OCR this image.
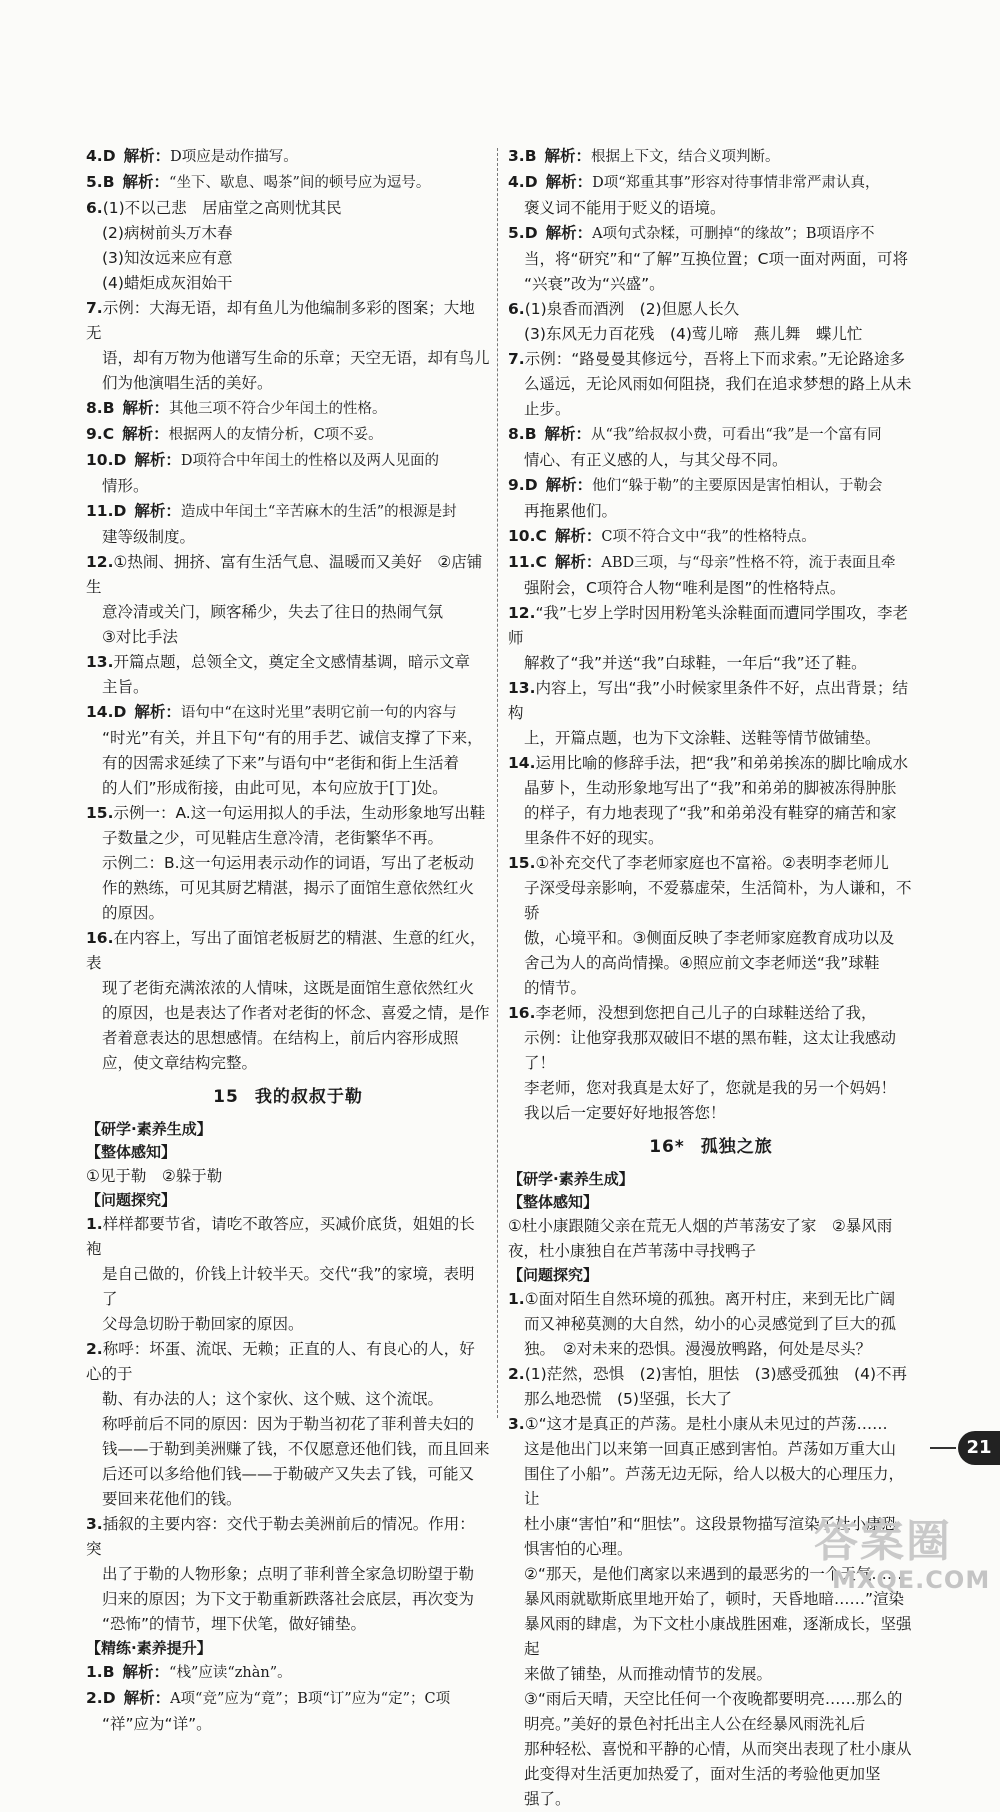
4.D 解析：D项应是动作描写。

5.B 解析：“坐下、歇息、喝茶”间的顿号应为逗号。

6.(1)不以己悲　居庙堂之高则忧其民

(2)病树前头万木春

(3)知汝远来应有意

(4)蜡炬成灰泪始干

7.示例：大海无语，却有鱼儿为他编制多彩的图案；大地无

语，却有万物为他谱写生命的乐章；天空无语，却有鸟儿

们为他演唱生活的美好。

8.B 解析：其他三项不符合少年闰土的性格。

9.C 解析：根据两人的友情分析，C项不妥。

10.D 解析：D项符合中年闰土的性格以及两人见面的

情形。

11.D 解析：造成中年闰土“辛苦麻木的生活”的根源是封

建等级制度。

12.①热闹、拥挤、富有生活气息、温暖而又美好　②店铺生

意冷清或关门，顾客稀少，失去了往日的热闹气氛

③对比手法

13.开篇点题，总领全文，奠定全文感情基调，暗示文章

主旨。

14.D 解析：语句中“在这时光里”表明它前一句的内容与

“时光”有关，并且下句“有的用手艺、诚信支撑了下来，

有的因需求延续了下来”与语句中“老街和街上生活着

的人们”形成衔接，由此可见，本句应放于[丁]处。

15.示例一：A.这一句运用拟人的手法，生动形象地写出鞋

子数量之少，可见鞋店生意冷清，老街繁华不再。

示例二：B.这一句运用表示动作的词语，写出了老板动

作的熟练，可见其厨艺精湛，揭示了面馆生意依然红火

的原因。

16.在内容上，写出了面馆老板厨艺的精湛、生意的红火，表

现了老街充满浓浓的人情味，这既是面馆生意依然红火

的原因，也是表达了作者对老街的怀念、喜爱之情，是作

者着意表达的思想感情。在结构上，前后内容形成照

应，使文章结构完整。

15 我的叔叔于勒

【研学·素养生成】

【整体感知】

①见于勒　②躲于勒

【问题探究】

1.样样都要节省，请吃不敢答应，买减价底货，姐姐的长袍

是自己做的，价钱上计较半天。交代“我”的家境，表明了

父母急切盼于勒回家的原因。

2.称呼：坏蛋、流氓、无赖；正直的人、有良心的人，好心的于

勒、有办法的人；这个家伙、这个贼、这个流氓。

称呼前后不同的原因：因为于勒当初花了菲利普夫妇的

钱——于勒到美洲赚了钱，不仅愿意还他们钱，而且回来

后还可以多给他们钱——于勒破产又失去了钱，可能又

要回来花他们的钱。

3.插叙的主要内容：交代于勒去美洲前后的情况。作用：突

出了于勒的人物形象；点明了菲利普全家急切盼望于勒

归来的原因；为下文于勒重新跌落社会底层，再次变为

“恐怖”的情节，埋下伏笔，做好铺垫。

【精练·素养提升】

1.B 解析：“栈”应读“zhàn”。

2.D 解析：A项“竞”应为“竟”；B项“订”应为“定”；C项

“祥”应为“详”。

3.B 解析：根据上下文，结合义项判断。

4.D 解析：D项“郑重其事”形容对待事情非常严肃认真，

褒义词不能用于贬义的语境。

5.D 解析：A项句式杂糅，可删掉“的缘故”；B项语序不

当，将“研究”和“了解”互换位置；C项一面对两面，可将

“兴衰”改为“兴盛”。

6.(1)泉香而酒洌　(2)但愿人长久

(3)东风无力百花残　(4)莺儿啼　燕儿舞　蝶儿忙

7.示例：“路曼曼其修远兮，吾将上下而求索。”无论路途多

么遥远，无论风雨如何阻挠，我们在追求梦想的路上从未

止步。

8.B 解析：从“我”给叔叔小费，可看出“我”是一个富有同

情心、有正义感的人，与其父母不同。

9.D 解析：他们“躲于勒”的主要原因是害怕相认，于勒会

再拖累他们。

10.C 解析：C项不符合文中“我”的性格特点。

11.C 解析：ABD三项，与“母亲”性格不符，流于表面且牵

强附会，C项符合人物“唯利是图”的性格特点。

12.“我”七岁上学时因用粉笔头涂鞋面而遭同学围攻，李老师

解救了“我”并送“我”白球鞋，一年后“我”还了鞋。

13.内容上，写出“我”小时候家里条件不好，点出背景；结构

上，开篇点题，也为下文涂鞋、送鞋等情节做铺垫。

14.运用比喻的修辞手法，把“我”和弟弟挨冻的脚比喻成水

晶萝卜，生动形象地写出了“我”和弟弟的脚被冻得肿胀

的样子，有力地表现了“我”和弟弟没有鞋穿的痛苦和家

里条件不好的现实。

15.①补充交代了李老师家庭也不富裕。②表明李老师儿

子深受母亲影响，不爱慕虚荣，生活简朴，为人谦和，不骄

傲，心境平和。③侧面反映了李老师家庭教育成功以及

舍己为人的高尚情操。④照应前文李老师送“我”球鞋

的情节。

16.李老师，没想到您把自己儿子的白球鞋送给了我，

示例：让他穿我那双破旧不堪的黑布鞋，这太让我感动了！

李老师，您对我真是太好了，您就是我的另一个妈妈！

我以后一定要好好地报答您！

16* 孤独之旅

【研学·素养生成】

【整体感知】

①杜小康跟随父亲在荒无人烟的芦苇荡安了家　②暴风雨

夜，杜小康独自在芦苇荡中寻找鸭子

【问题探究】

1.①面对陌生自然环境的孤独。离开村庄，来到无比广阔

而又神秘莫测的大自然，幼小的心灵感觉到了巨大的孤

独。　②对未来的恐惧。漫漫放鸭路，何处是尽头？

2.(1)茫然，恐惧　(2)害怕，胆怯　(3)感受孤独　(4)不再

那么地恐慌　(5)坚强，长大了

3.①“这才是真正的芦荡。是杜小康从未见过的芦荡……

这是他出门以来第一回真正感到害怕。芦荡如万重大山

围住了小船”。芦荡无边无际，给人以极大的心理压力，让

杜小康“害怕”和“胆怯”。这段景物描写渲染了杜小康恐

惧害怕的心理。

②“那天，是他们离家以来遇到的最恶劣的一个天气……

暴风雨就歇斯底里地开始了，顿时，天昏地暗……”渲染

暴风雨的肆虐，为下文杜小康战胜困难，逐渐成长，坚强起

来做了铺垫，从而推动情节的发展。

③“雨后天晴，天空比任何一个夜晚都要明亮……那么的

明亮。”美好的景色衬托出主人公在经暴风雨洗礼后

那种轻松、喜悦和平静的心情，从而突出表现了杜小康从

此变得对生活更加热爱了，面对生活的考验他更加坚

强了。

21
答案圈
MXQE.COM
